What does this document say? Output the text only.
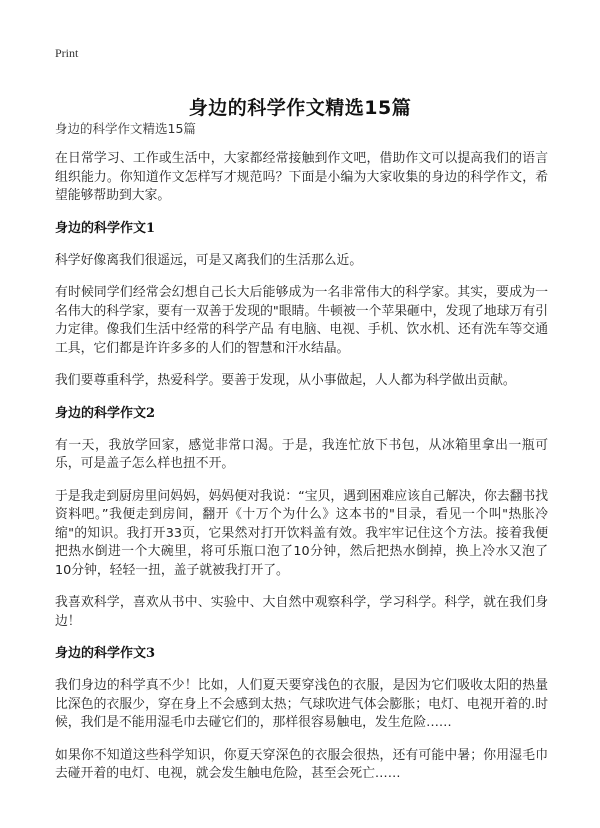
Print
身边的科学作文精选15篇
身边的科学作文精选15篇

在日常学习、工作或生活中，大家都经常接触到作文吧，借助作文可以提高我们的语言组织能力。你知道作文怎样写才规范吗？下面是小编为大家收集的身边的科学作文，希望能够帮助到大家。

身边的科学作文1

科学好像离我们很遥远，可是又离我们的生活那么近。

有时候同学们经常会幻想自己长大后能够成为一名非常伟大的科学家。其实，要成为一名伟大的科学家，要有一双善于发现的"眼睛。牛顿被一个苹果砸中，发现了地球万有引力定律。像我们生活中经常的科学产品 有电脑、电视、手机、饮水机、还有洗车等交通工具，它们都是许许多多的人们的智慧和汗水结晶。

我们要尊重科学，热爱科学。要善于发现，从小事做起，人人都为科学做出贡献。

身边的科学作文2

有一天，我放学回家，感觉非常口渴。于是，我连忙放下书包，从冰箱里拿出一瓶可乐，可是盖子怎么样也扭不开。

于是我走到厨房里问妈妈，妈妈便对我说：“宝贝，遇到困难应该自己解决，你去翻书找资料吧。”我便走到房间，翻开《十万个为什么》这本书的"目录，看见一个叫"热胀冷缩"的知识。我打开33页，它果然对打开饮料盖有效。我牢牢记住这个方法。接着我便把热水倒进一个大碗里，将可乐瓶口泡了10分钟，然后把热水倒掉，换上冷水又泡了10分钟，轻轻一扭，盖子就被我打开了。

我喜欢科学，喜欢从书中、实验中、大自然中观察科学，学习科学。科学，就在我们身边！

身边的科学作文3

我们身边的科学真不少！比如，人们夏天要穿浅色的衣服，是因为它们吸收太阳的热量比深色的衣服少，穿在身上不会感到太热；气球吹进气体会膨胀；电灯、电视开着的.时候，我们是不能用湿毛巾去碰它们的，那样很容易触电，发生危险……

如果你不知道这些科学知识，你夏天穿深色的衣服会很热，还有可能中暑；你用湿毛巾去碰开着的电灯、电视，就会发生触电危险，甚至会死亡……
